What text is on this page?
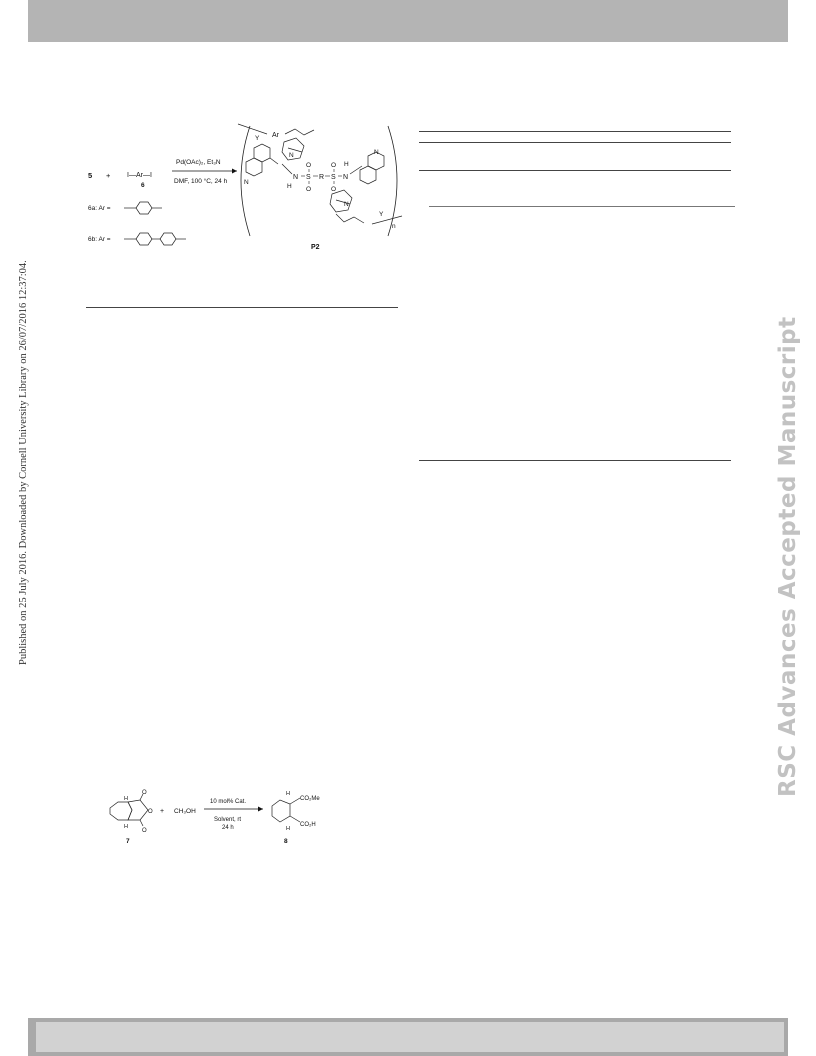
Published on 25 July 2016. Downloaded by Cornell University Library on 26/07/2016 12:37:04.	RSC Advances Accepted Manuscript
5 + I—Ar—I
6
Pd(OAc)₂, Et₃N
DMF, 100 °C, 24 h
6a: Ar =
6b: Ar =
n
Ar
Y
N
N
N
H
S
O
O
R S
O
O
N
H
N
N
Y
P2
O
O
O
H
H
7
+ CH₃OH
10 mol% Cat.
Solvent, rt
24 h
H
H
CO₂Me
CO₂H
8
